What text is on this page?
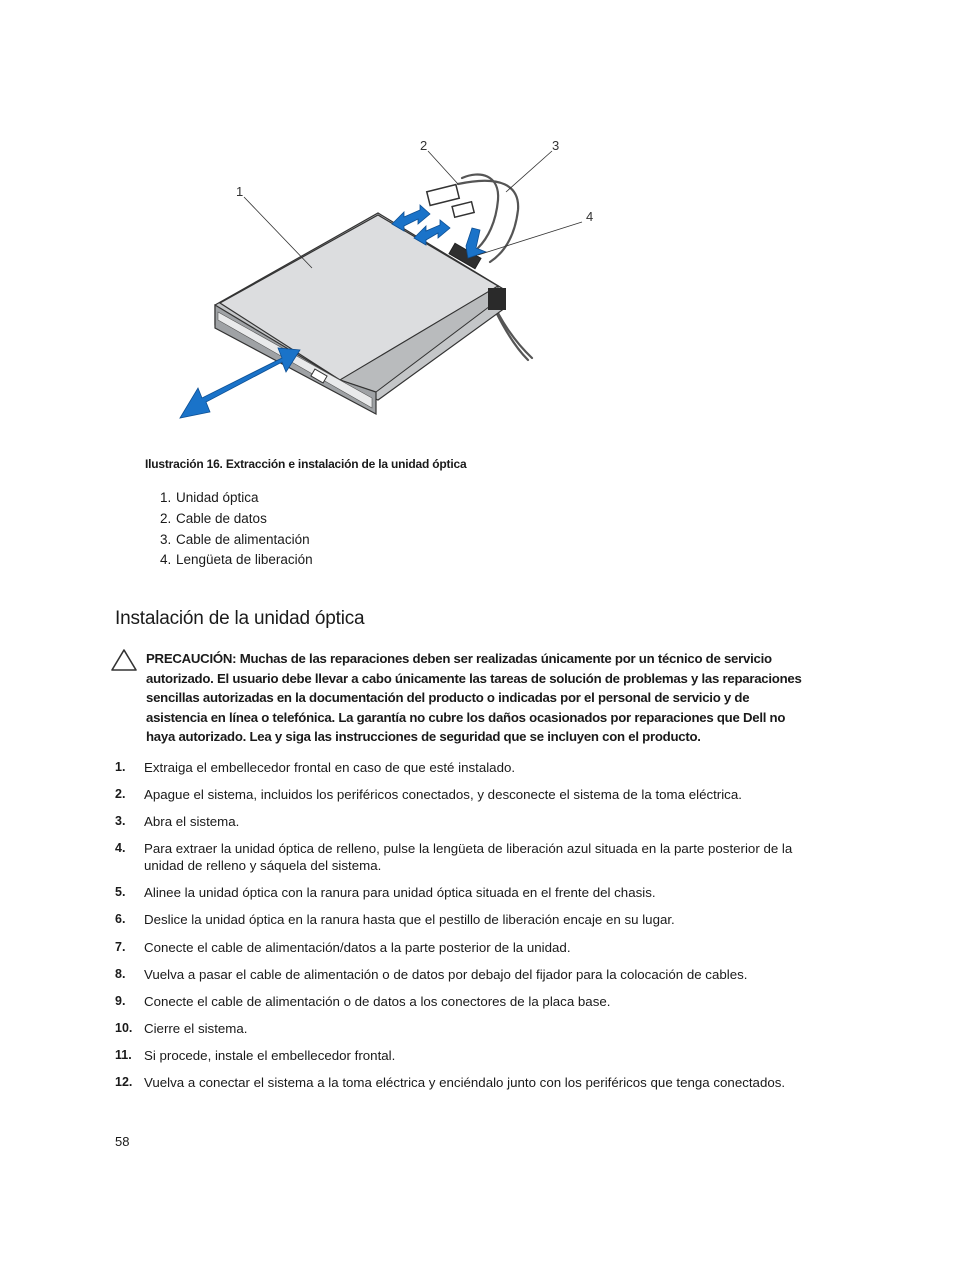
1
2	3
4
Ilustración 16. Extracción e instalación de la unidad óptica
1. Unidad óptica
2. Cable de datos
3. Cable de alimentación
4. Lengüeta de liberación
Instalación de la unidad óptica
PRECAUCIÓN: Muchas de las reparaciones deben ser realizadas únicamente por un técnico de servicio autorizado. El usuario debe llevar a cabo únicamente las tareas de solución de problemas y las reparaciones sencillas autorizadas en la documentación del producto o indicadas por el personal de servicio y de asistencia en línea o telefónica. La garantía no cubre los daños ocasionados por reparaciones que Dell no haya autorizado. Lea y siga las instrucciones de seguridad que se incluyen con el producto.
1. Extraiga el embellecedor frontal en caso de que esté instalado.
2. Apague el sistema, incluidos los periféricos conectados, y desconecte el sistema de la toma eléctrica.
3. Abra el sistema.
4. Para extraer la unidad óptica de relleno, pulse la lengüeta de liberación azul situada en la parte posterior de la unidad de relleno y sáquela del sistema.
5. Alinee la unidad óptica con la ranura para unidad óptica situada en el frente del chasis.
6. Deslice la unidad óptica en la ranura hasta que el pestillo de liberación encaje en su lugar.
7. Conecte el cable de alimentación/datos a la parte posterior de la unidad.
8. Vuelva a pasar el cable de alimentación o de datos por debajo del fijador para la colocación de cables.
9. Conecte el cable de alimentación o de datos a los conectores de la placa base.
10. Cierre el sistema.
11. Si procede, instale el embellecedor frontal.
12. Vuelva a conectar el sistema a la toma eléctrica y enciéndalo junto con los periféricos que tenga conectados.
58
